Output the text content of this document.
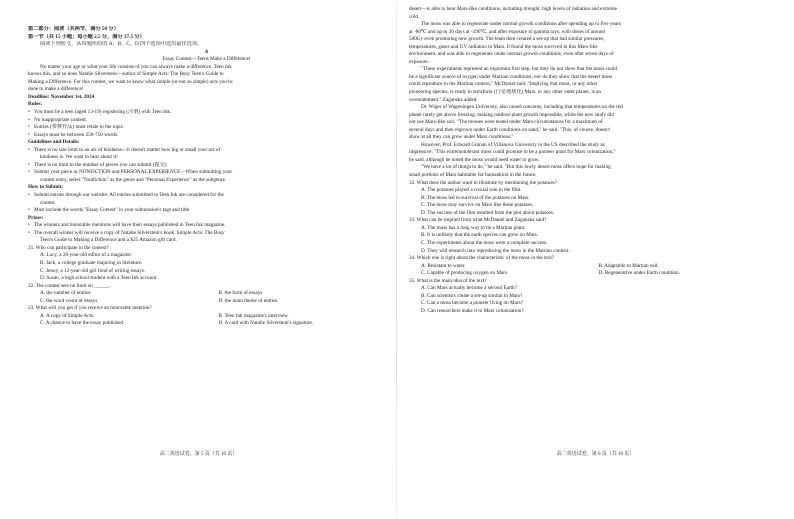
第二部分：阅读（共两节，满分 50 分）
第一节（共 15 小题；每小题 2.5 分，满分 37.5 分）
阅读下列短文，从每题所给的 A、B、C、D 四个选项中选出最佳选项。
A
Essay Contest—Teens Make a Difference!
No matter your age or what your life consists of you can always make a difference. Teen Ink
knows this, and so does Natalie Silverstein—author of Simple Acts: The Busy Teen's Guide to
Making a Difference. For this contest, we want to know what simple (or not so simple) acts you've
done to make a difference!
Deadline: November 1st, 2024
Rules:
• You must be a teen (aged 13-19) registering (注册) with Teen Ink.
• No inappropriate content.
• Entries (参赛作品) must relate to the topic.
• Essays must be between 250-750 words.
Guidelines and Details:
• There is no size limit to an act of kindness—it doesn't matter how big or small your act of
kindness is. We want to hear about it!
• There is no limit to the number of pieces you can submit (提交).
• Submit your piece as NONFICTION and PERSONAL EXPERIENCE—When submitting your
contest entry, select "Nonfiction" as the genre and "Personal Experience" as the subgenre.
How to Submit:
• Submit entries through our website. All entries submitted to Teen Ink are considered for the
contest.
• Must include the words "Essay Contest" in your submission's tags and title.
Prizes:
• The winners and honorable mentions will have their essays published in Teen Ink magazine.
• The overall winner will receive a copy of Natalie Silverstein's book, Simple Acts: The Busy
Teen's Guide to Making a Difference and a $25 Amazon gift card.
21. Who can participate in the contest?
A. Lucy, a 20-year-old editor of a magazine.
B. Jack, a college graduate majoring in literature.
C. Jenny, a 12-year-old girl fond of writing essays.
D. Susan, a high school student with a Teen Ink account.
22. The contest sets no limit on ______.
A. the number of entries	B. the form of essays
C. the word count of essays	D. the main theme of entries
23. What will you get if you receive an honorable mention?
A. A copy of Simple Acts.	B. Teen Ink magazine's interview.
C. A chance to have the essay published.	D. A card with Natalie Silverstein's signature.
高二英语试卷，第 5 页（共 10 页）
desert—is able to bear Mars-like conditions, including drought, high levels of radiation and extreme
cold.
The moss was able to regenerate under normal growth conditions after spending up to five years
at -80℃ and up to 30 days at -196℃, and after exposure to gamma rays, with doses of around
500Gy even promoting new growth. The team then created a set-up that had similar pressures,
temperatures, gases and UV radiation to Mars. It found the moss survived in this Mars-like
environment, and was able to regenerate under normal growth conditions, even after seven days of
exposure.
"These experiments represent an important first step, but they do not show that the moss could
be a significant source of oxygen under Martian conditions, nor do they show that the desert moss
could reproduce in the Martian context," McDaniel said. "Implying that moss, or any other
pioneering species, is ready to terraform (行星地球化) Mars, or any other outer planet, is an
overstatement," Zaganska added.
Dr. Wiger of Wageningen University, also raised concerns, including that temperatures on the red
planet rarely get above freezing, making outdoor plant growth impossible, while the new study did
not use Mars-like soil. "The mosses were tested under Mars circumstances for a maximum of
several days and then regrown under Earth conditions on sand," he said. "This, of course, doesn't
show at all they can grow under Mars conditions."
However, Prof. Edward Guinan of Villanova University in the US described the study as
impressive. "This extremotolerant moss could promise to be a pioneer plant for Mars colonization,"
he said, although he noted the moss would need water to grow.
"We have a lot of things to do," he said. "But this lowly desert moss offers hope for making
small portions of Mars habitable for humankind in the future.
32. What does the author want to illustrate by mentioning the potatoes?
A. The potatoes played a crucial role in the film.
B. The moss led to survival of the potatoes on Mars.
C. The moss may survive on Mars like these potatoes.
D. The success of the film resulted from the plot about potatoes.
33. What can be implied from what McDaniel and Zaganska said?
A. The moss has a long way to be a Martian plant.
B. It is unlikely that the earth species can grow on Mars.
C. The experiments about the moss were a complete success.
D. They will research into reproducing the moss in the Martian context.
34. Which one is right about the characteristic of the moss in the text?
A. Resistant to water.	B. Adaptable to Martian soil.
C. Capable of producing oxygen on Mars.	D. Regenerative under Earth condition.
35. What is the main idea of the text?
A. Can Mars actually become a second Earth?
B. Can scientists create a set-up similar to Mars?
C. Can a moss become a pioneer living on Mars?
D. Can researchers make it to Mars colonization?
高二英语试卷，第 6 页（共 10 页）
